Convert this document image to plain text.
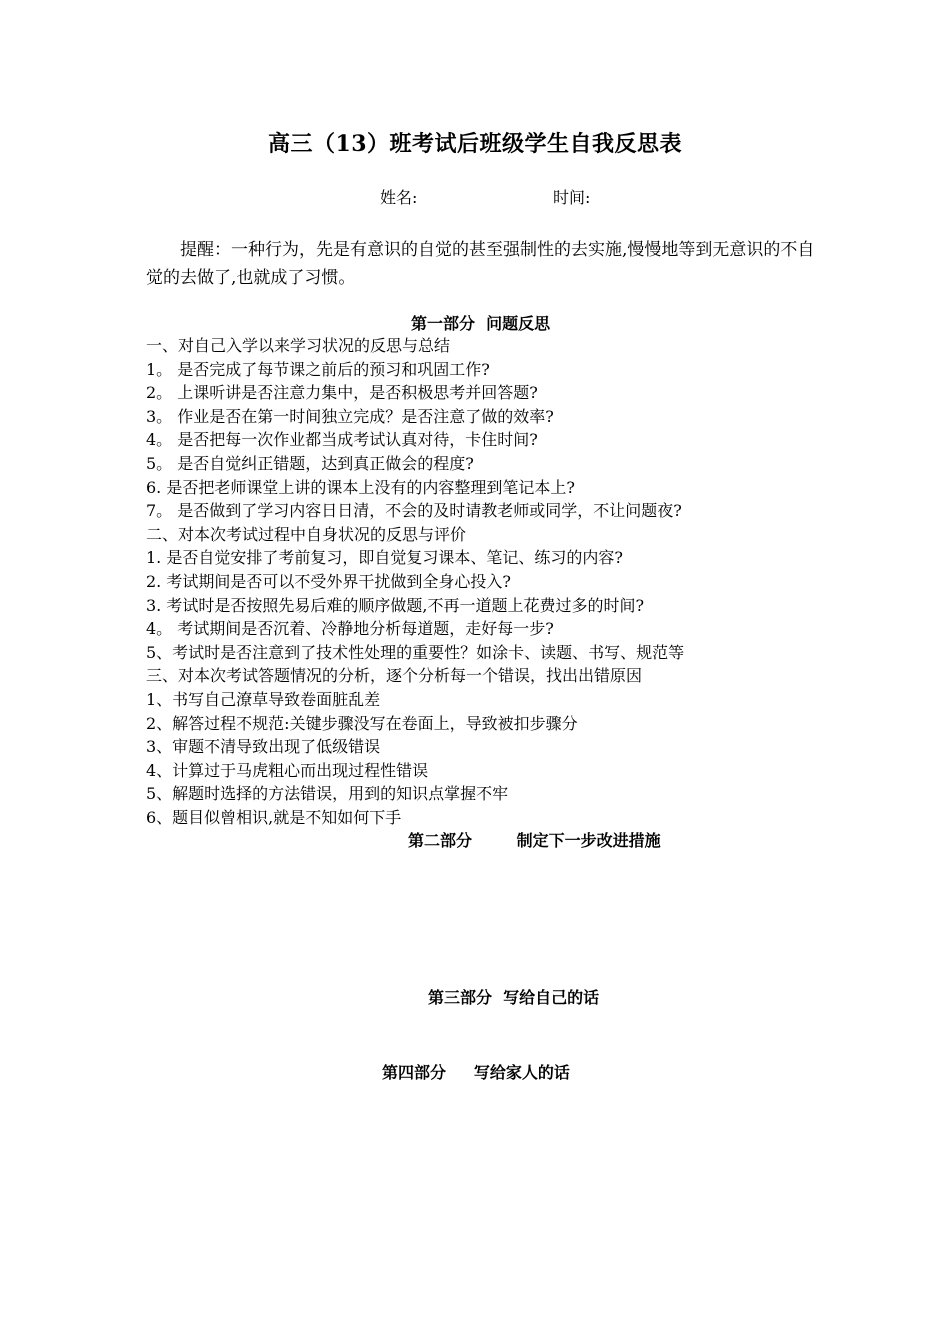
高三（13）班考试后班级学生自我反思表
姓名:	时间:
提醒：一种行为，先是有意识的自觉的甚至强制性的去实施,慢慢地等到无意识的不自觉的去做了,也就成了习惯。
第一部分  问题反思
一、对自己入学以来学习状况的反思与总结
1。 是否完成了每节课之前后的预习和巩固工作?
2。 上课听讲是否注意力集中，是否积极思考并回答题?
3。 作业是否在第一时间独立完成？是否注意了做的效率?
4。 是否把每一次作业都当成考试认真对待，卡住时间?
5。 是否自觉纠正错题，达到真正做会的程度?
6. 是否把老师课堂上讲的课本上没有的内容整理到笔记本上?
7。 是否做到了学习内容日日清，不会的及时请教老师或同学，不让问题夜?
二、对本次考试过程中自身状况的反思与评价
1. 是否自觉安排了考前复习，即自觉复习课本、笔记、练习的内容?
2. 考试期间是否可以不受外界干扰做到全身心投入?
3. 考试时是否按照先易后难的顺序做题,不再一道题上花费过多的时间?
4。 考试期间是否沉着、冷静地分析每道题，走好每一步?
5、考试时是否注意到了技术性处理的重要性？如涂卡、读题、书写、规范等
三、对本次考试答题情况的分析，逐个分析每一个错误，找出出错原因
1、书写自己潦草导致卷面脏乱差
2、解答过程不规范:关键步骤没写在卷面上，导致被扣步骤分
3、审题不清导致出现了低级错误
4、计算过于马虎粗心而出现过程性错误
5、解题时选择的方法错误，用到的知识点掌握不牢
6、题目似曾相识,就是不知如何下手
第二部分        制定下一步改进措施
第三部分  写给自己的话
第四部分     写给家人的话
